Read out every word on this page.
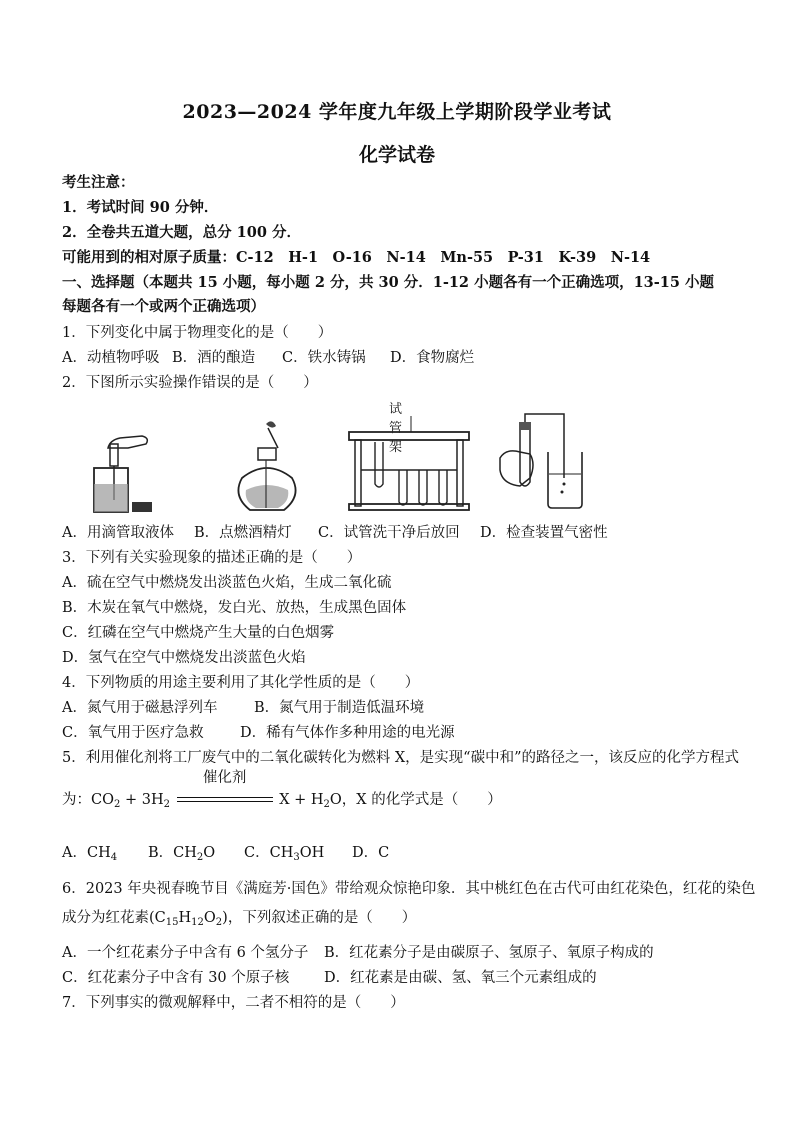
2023—2024 学年度九年级上学期阶段学业考试
化学试卷
考生注意：
1．考试时间 90 分钟．
2．全卷共五道大题，总分 100 分．
可能用到的相对原子质量：C-12　H-1　O-16　N-14　Mn-55　P-31　K-39　N-14
一、选择题（本题共 15 小题，每小题 2 分，共 30 分．1-12 小题各有一个正确选项，13-15 小题
每题各有一个或两个正确选项）
1．下列变化中属于物理变化的是（　　）
A．动植物呼吸 B．酒的酿造 C．铁水铸锅 D．食物腐烂
2．下图所示实验操作错误的是（　　）
试管架
A．用滴管取液体 B．点燃酒精灯 C．试管洗干净后放回 D．检查装置气密性
3．下列有关实验现象的描述正确的是（　　）
A．硫在空气中燃烧发出淡蓝色火焰，生成二氧化硫
B．木炭在氧气中燃烧，发白光、放热，生成黑色固体
C．红磷在空气中燃烧产生大量的白色烟雾
D．氢气在空气中燃烧发出淡蓝色火焰
4．下列物质的用途主要利用了其化学性质的是（　　）
A．氮气用于磁悬浮列车	B．氮气用于制造低温环境
C．氧气用于医疗急救	D．稀有气体作多种用途的电光源
5．利用催化剂将工厂废气中的二氧化碳转化为燃料 X，是实现“碳中和”的路径之一，该反应的化学方程式
为：$CO_2 + 3H_2$
催化剂
$X + H_2O$，X 的化学式是（　　）
A．$CH_4$ B．$CH_2O$ C．$CH_3OH$ D．C
6．2023 年央视春晚节目《满庭芳·国色》带给观众惊艳印象．其中桃红色在古代可由红花染色，红花的染色
成分为红花素$(C_{15}H_{12}O_2)$，下列叙述正确的是（　　）
A．一个红花素分子中含有 6 个氢分子 B．红花素分子是由碳原子、氢原子、氧原子构成的
C．红花素分子中含有 30 个原子核 D．红花素是由碳、氢、氧三个元素组成的
7．下列事实的微观解释中，二者不相符的是（　　）
